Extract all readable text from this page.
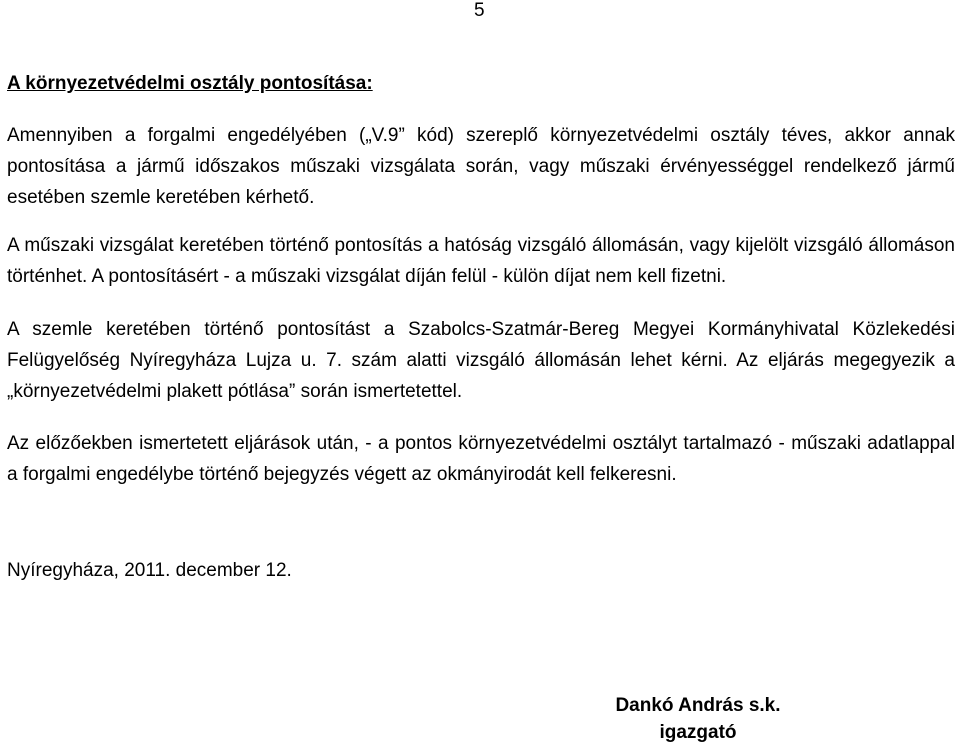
5
A környezetvédelmi osztály pontosítása:

Amennyiben a forgalmi engedélyében („V.9” kód) szereplő környezetvédelmi osztály téves, akkor annak pontosítása a jármű időszakos műszaki vizsgálata során, vagy műszaki érvényességgel rendelkező jármű esetében szemle keretében kérhető.

A műszaki vizsgálat keretében történő pontosítás a hatóság vizsgáló állomásán, vagy kijelölt vizsgáló állomáson történhet. A pontosításért - a műszaki vizsgálat díján felül - külön díjat nem kell fizetni.

A szemle keretében történő pontosítást a Szabolcs-Szatmár-Bereg Megyei Kormányhivatal Közlekedési Felügyelőség Nyíregyháza Lujza u. 7. szám alatti vizsgáló állomásán lehet kérni. Az eljárás megegyezik a „környezetvédelmi plakett pótlása” során ismertetettel.

Az előzőekben ismertetett eljárások után, - a pontos környezetvédelmi osztályt tartalmazó - műszaki adatlappal a forgalmi engedélybe történő bejegyzés végett az okmányirodát kell felkeresni.

Nyíregyháza, 2011. december 12.

Dankó András s.k.
igazgató
